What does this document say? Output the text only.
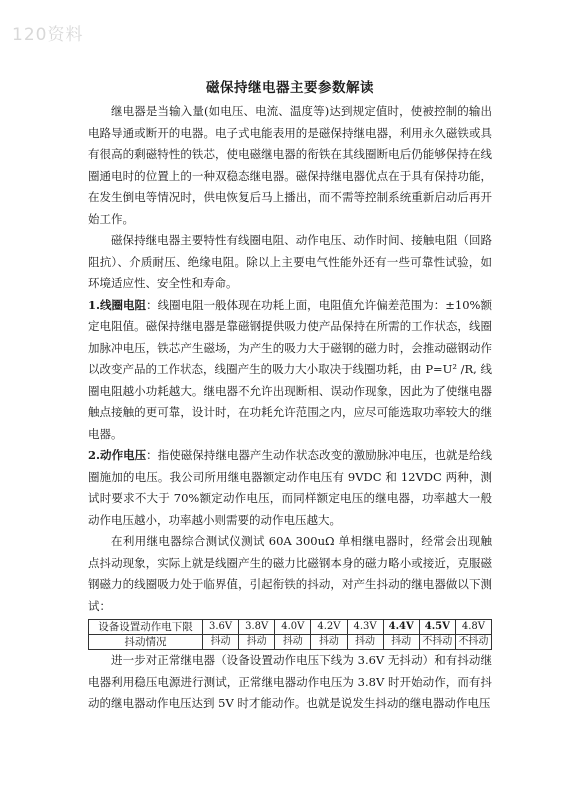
120资料
磁保持继电器主要参数解读

继电器是当输入量(如电压、电流、温度等)达到规定值时，使被控制的输出电路导通或断开的电器。电子式电能表用的是磁保持继电器，利用永久磁铁或具有很高的剩磁特性的铁芯，使电磁继电器的衔铁在其线圈断电后仍能够保持在线圈通电时的位置上的一种双稳态继电器。磁保持继电器优点在于具有保持功能，在发生倒电等情况时，供电恢复后马上播出，而不需等控制系统重新启动后再开始工作。

磁保持继电器主要特性有线圈电阻、动作电压、动作时间、接触电阻（回路阻抗）、介质耐压、绝缘电阻。除以上主要电气性能外还有一些可靠性试验，如环境适应性、安全性和寿命。

1.线圈电阻：线圈电阻一般体现在功耗上面，电阻值允许偏差范围为：±10%额定电阻值。磁保持继电器是靠磁钢提供吸力使产品保持在所需的工作状态，线圈加脉冲电压，铁芯产生磁场，为产生的吸力大于磁钢的磁力时，会推动磁钢动作以改变产品的工作状态，线圈产生的吸力大小取决于线圈功耗，由 P=U² /R, 线圈电阻越小功耗越大。继电器不允许出现断相、误动作现象，因此为了使继电器触点接触的更可靠，设计时，在功耗允许范围之内，应尽可能选取功率较大的继电器。

2.动作电压：指使磁保持继电器产生动作状态改变的激励脉冲电压，也就是给线圈施加的电压。我公司所用继电器额定动作电压有 9VDC 和 12VDC 两种，测试时要求不大于 70%额定动作电压，而同样额定电压的继电器，功率越大一般动作电压越小，功率越小则需要的动作电压越大。

在利用继电器综合测试仪测试 60A 300uΩ 单相继电器时，经常会出现触点抖动现象，实际上就是线圈产生的磁力比磁钢本身的磁力略小或接近，克服磁钢磁力的线圈吸力处于临界值，引起衔铁的抖动，对产生抖动的继电器做以下测试：

设备设置动作电下限	3.6V	3.8V	4.0V	4.2V	4.3V	4.4V	4.5V	4.8V
抖动情况	抖动	抖动	抖动	抖动	抖动	抖动	不抖动	不抖动

进一步对正常继电器（设备设置动作电压下线为 3.6V 无抖动）和有抖动继电器利用稳压电源进行测试，正常继电器动作电压为 3.8V 时开始动作，而有抖动的继电器动作电压达到 5V 时才能动作。也就是说发生抖动的继电器动作电压
